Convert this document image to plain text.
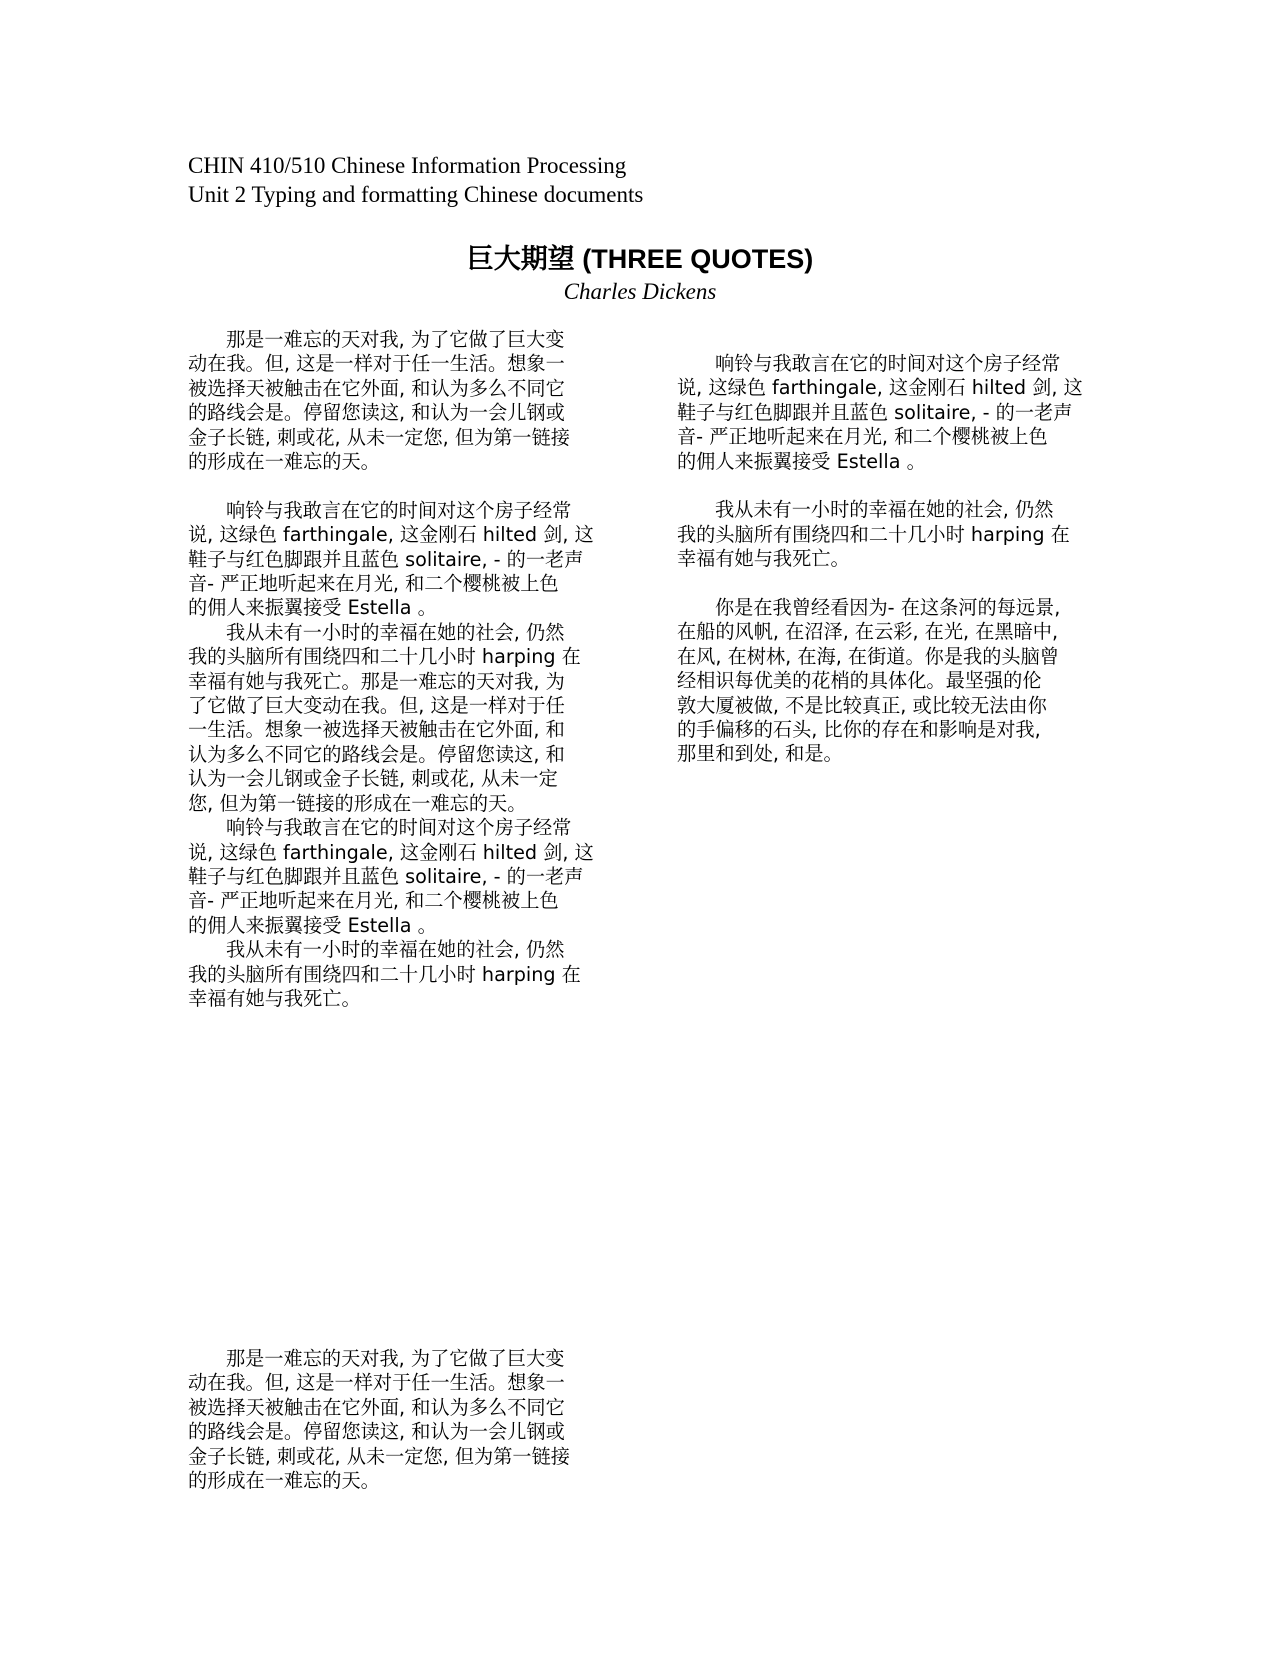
CHIN 410/510 Chinese Information Processing
Unit 2 Typing and formatting Chinese documents
巨大期望 (THREE QUOTES)
Charles Dickens
那是一难忘的天对我, 为了它做了巨大变
动在我。但, 这是一样对于任一生活。想象一
被选择天被触击在它外面, 和认为多么不同它
的路线会是。停留您读这, 和认为一会儿钢或
金子长链, 刺或花, 从未一定您, 但为第一链接
的形成在一难忘的天。
响铃与我敢言在它的时间对这个房子经常
说, 这绿色 farthingale, 这金刚石 hilted 剑, 这
鞋子与红色脚跟并且蓝色 solitaire, - 的一老声
音- 严正地听起来在月光, 和二个樱桃被上色
的佣人来振翼接受 Estella 。
我从未有一小时的幸福在她的社会, 仍然
我的头脑所有围绕四和二十几小时 harping 在
幸福有她与我死亡。那是一难忘的天对我, 为
了它做了巨大变动在我。但, 这是一样对于任
一生活。想象一被选择天被触击在它外面, 和
认为多么不同它的路线会是。停留您读这, 和
认为一会儿钢或金子长链, 刺或花, 从未一定
您, 但为第一链接的形成在一难忘的天。
响铃与我敢言在它的时间对这个房子经常
说, 这绿色 farthingale, 这金刚石 hilted 剑, 这
鞋子与红色脚跟并且蓝色 solitaire, - 的一老声
音- 严正地听起来在月光, 和二个樱桃被上色
的佣人来振翼接受 Estella 。
我从未有一小时的幸福在她的社会, 仍然
我的头脑所有围绕四和二十几小时 harping 在
幸福有她与我死亡。
响铃与我敢言在它的时间对这个房子经常
说, 这绿色 farthingale, 这金刚石 hilted 剑, 这
鞋子与红色脚跟并且蓝色 solitaire, - 的一老声
音- 严正地听起来在月光, 和二个樱桃被上色
的佣人来振翼接受 Estella 。
我从未有一小时的幸福在她的社会, 仍然
我的头脑所有围绕四和二十几小时 harping 在
幸福有她与我死亡。
你是在我曾经看因为- 在这条河的每远景,
在船的风帆, 在沼泽, 在云彩, 在光, 在黑暗中,
在风, 在树林, 在海, 在街道。你是我的头脑曾
经相识每优美的花梢的具体化。最坚强的伦
敦大厦被做, 不是比较真正, 或比较无法由你
的手偏移的石头, 比你的存在和影响是对我,
那里和到处, 和是。
那是一难忘的天对我, 为了它做了巨大变
动在我。但, 这是一样对于任一生活。想象一
被选择天被触击在它外面, 和认为多么不同它
的路线会是。停留您读这, 和认为一会儿钢或
金子长链, 刺或花, 从未一定您, 但为第一链接
的形成在一难忘的天。
